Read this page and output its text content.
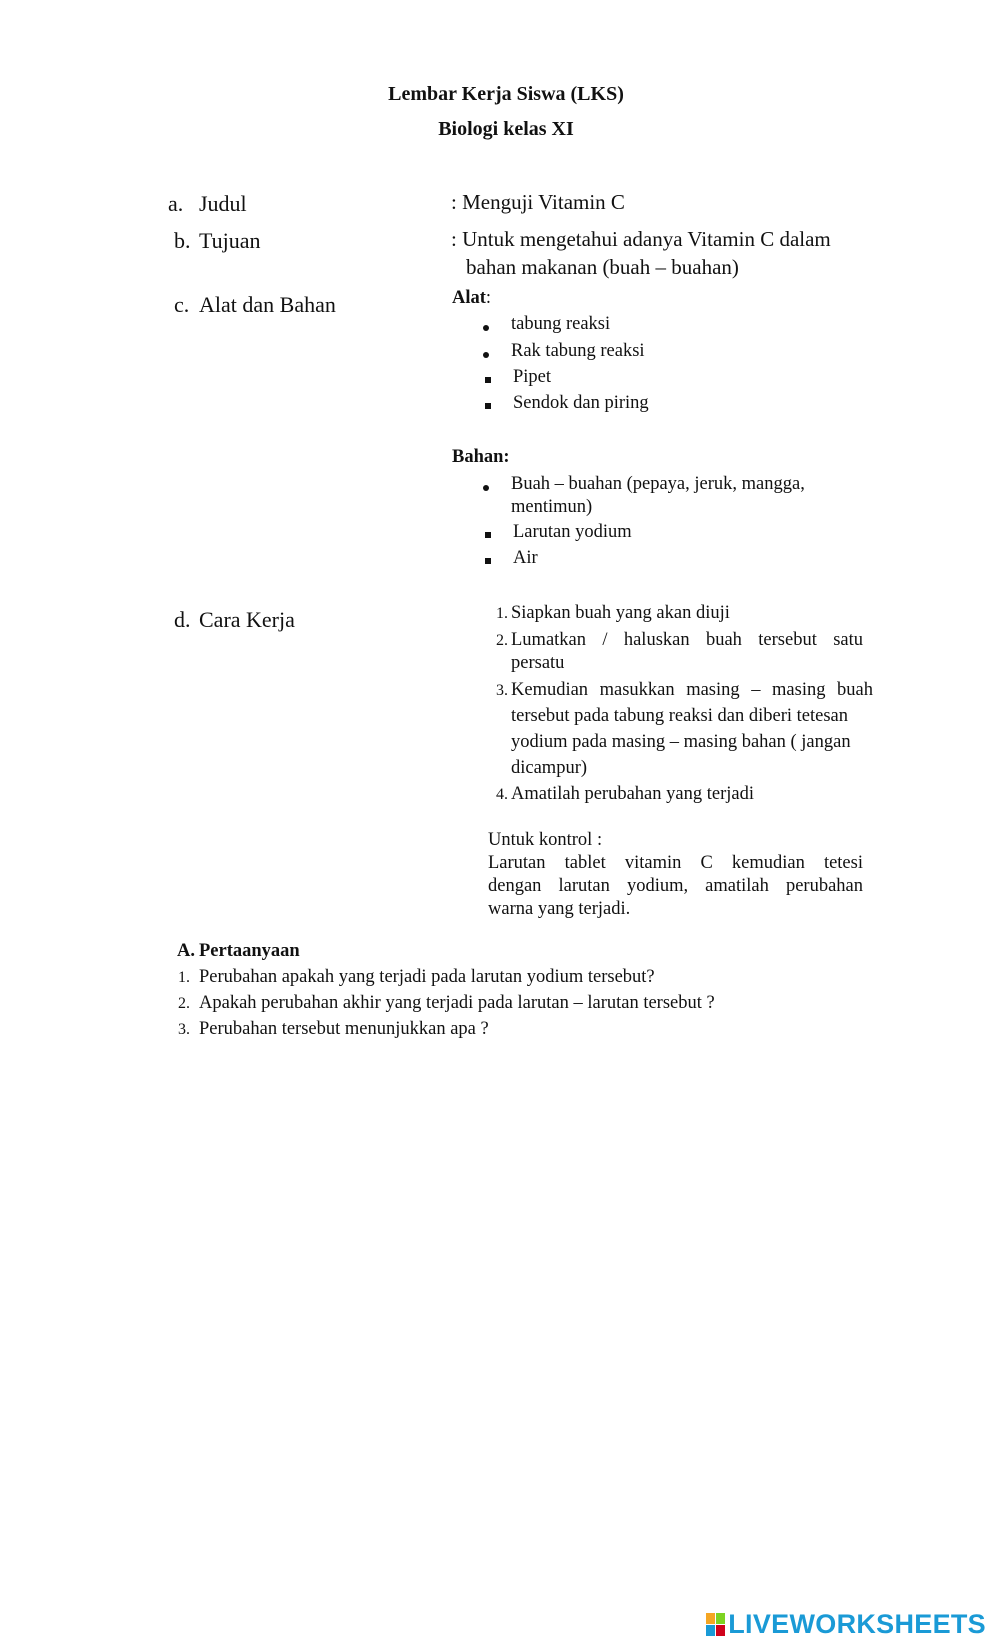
Lembar Kerja Siswa (LKS)
Biologi kelas XI
a. Judul	: Menguji Vitamin C
b. Tujuan	: Untuk mengetahui adanya Vitamin C dalam
bahan makanan (buah – buahan)
c. Alat dan Bahan	Alat:
tabung reaksi
Rak tabung reaksi
Pipet
Sendok dan piring
Bahan:
Buah – buahan (pepaya, jeruk, mangga,
mentimun)
Larutan yodium
Air
d. Cara Kerja	1. Siapkan buah yang akan diuji
2. Lumatkan / haluskan buah tersebut satu
persatu
3. Kemudian masukkan masing – masing buah
tersebut pada tabung reaksi dan diberi tetesan
yodium pada masing – masing bahan ( jangan
dicampur)
4. Amatilah perubahan yang terjadi
Untuk kontrol :
Larutan tablet vitamin C kemudian tetesi
dengan larutan yodium, amatilah perubahan
warna yang terjadi.
A. Pertaanyaan
1. Perubahan apakah yang terjadi pada larutan yodium tersebut?
2. Apakah perubahan akhir yang terjadi pada larutan – larutan tersebut ?
3. Perubahan tersebut menunjukkan apa ?
LIVEWORKSHEETS
